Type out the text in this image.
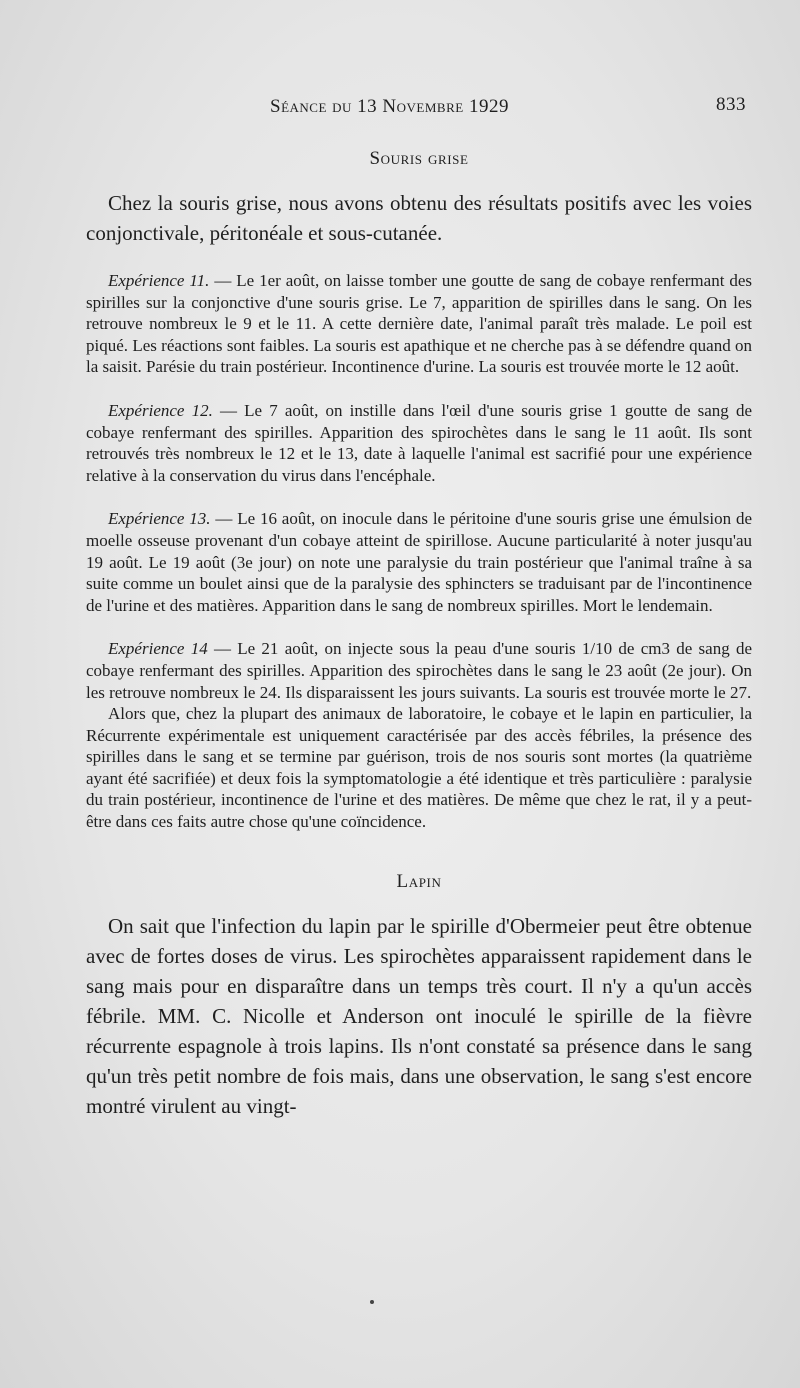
Séance du 13 Novembre 1929	833
Souris grise

Chez la souris grise, nous avons obtenu des résultats positifs avec les voies conjonctivale, péritonéale et sous-cutanée.

Expérience 11. — Le 1er août, on laisse tomber une goutte de sang de cobaye renfermant des spirilles sur la conjonctive d'une souris grise. Le 7, apparition de spirilles dans le sang. On les retrouve nombreux le 9 et le 11. A cette dernière date, l'animal paraît très malade. Le poil est piqué. Les réactions sont faibles. La souris est apathique et ne cherche pas à se défendre quand on la saisit. Parésie du train postérieur. Incontinence d'urine. La souris est trouvée morte le 12 août.

Expérience 12. — Le 7 août, on instille dans l'œil d'une souris grise 1 goutte de sang de cobaye renfermant des spirilles. Apparition des spirochètes dans le sang le 11 août. Ils sont retrouvés très nombreux le 12 et le 13, date à laquelle l'animal est sacrifié pour une expérience relative à la conservation du virus dans l'encéphale.

Expérience 13. — Le 16 août, on inocule dans le péritoine d'une souris grise une émulsion de moelle osseuse provenant d'un cobaye atteint de spirillose. Aucune particularité à noter jusqu'au 19 août. Le 19 août (3e jour) on note une paralysie du train postérieur que l'animal traîne à sa suite comme un boulet ainsi que de la paralysie des sphincters se traduisant par de l'incontinence de l'urine et des matières. Apparition dans le sang de nombreux spirilles. Mort le lendemain.

Expérience 14 — Le 21 août, on injecte sous la peau d'une souris 1/10 de cm3 de sang de cobaye renfermant des spirilles. Apparition des spirochètes dans le sang le 23 août (2e jour). On les retrouve nombreux le 24. Ils disparaissent les jours suivants. La souris est trouvée morte le 27.

Alors que, chez la plupart des animaux de laboratoire, le cobaye et le lapin en particulier, la Récurrente expérimentale est uniquement caractérisée par des accès fébriles, la présence des spirilles dans le sang et se termine par guérison, trois de nos souris sont mortes (la quatrième ayant été sacrifiée) et deux fois la symptomatologie a été identique et très particulière : paralysie du train postérieur, incontinence de l'urine et des matières. De même que chez le rat, il y a peut-être dans ces faits autre chose qu'une coïncidence.

Lapin

On sait que l'infection du lapin par le spirille d'Obermeier peut être obtenue avec de fortes doses de virus. Les spirochètes apparaissent rapidement dans le sang mais pour en disparaître dans un temps très court. Il n'y a qu'un accès fébrile. MM. C. Nicolle et Anderson ont inoculé le spirille de la fièvre récurrente espagnole à trois lapins. Ils n'ont constaté sa présence dans le sang qu'un très petit nombre de fois mais, dans une observation, le sang s'est encore montré virulent au vingt-
